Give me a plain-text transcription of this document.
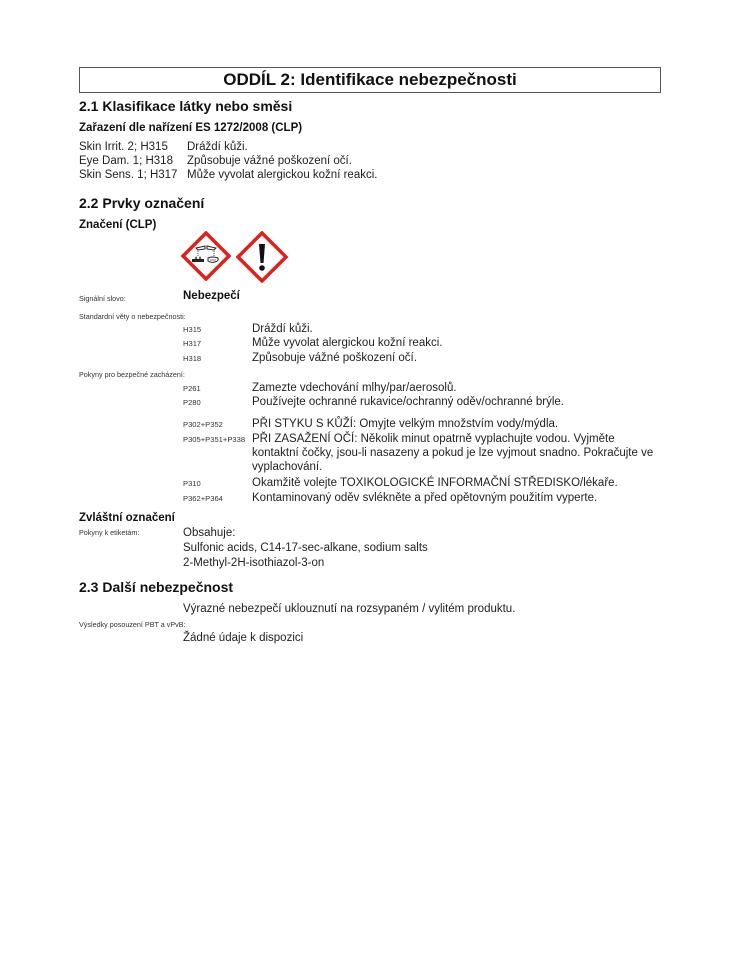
ODDÍL 2: Identifikace nebezpečnosti
2.1 Klasifikace látky nebo směsi
Zařazení dle nařízení ES 1272/2008 (CLP)
Skin Irrit. 2; H315 Dráždí kůži.
Eye Dam. 1; H318 Způsobuje vážné poškození očí.
Skin Sens. 1; H317 Může vyvolat alergickou kožní reakci.
2.2 Prvky označení
Značení (CLP)
Signální slovo:	Nebezpečí
Standardní věty o nebezpečnosti:
H315	Dráždí kůži.
H317	Může vyvolat alergickou kožní reakci.
H318	Způsobuje vážné poškození očí.
Pokyny pro bezpečné zacházení:
P261	Zamezte vdechování mlhy/par/aerosolů.
P280	Používejte ochranné rukavice/ochranný oděv/ochranné brýle.
P302+P352	PŘI STYKU S KŮŽÍ: Omyjte velkým množstvím vody/mýdla.
P305+P351+P338 PŘI ZASAŽENÍ OČÍ: Několik minut opatrně vyplachujte vodou. Vyjměte kontaktní čočky, jsou-li nasazeny a pokud je lze vyjmout snadno. Pokračujte ve vyplachování.
P310	Okamžitě volejte TOXIKOLOGICKÉ INFORMAČNÍ STŘEDISKO/lékaře.
P362+P364	Kontaminovaný oděv svlékněte a před opětovným použitím vyperte.
Zvláštní označení
Pokyny k etiketám:	Obsahuje:
Sulfonic acids, C14-17-sec-alkane, sodium salts
2-Methyl-2H-isothiazol-3-on
2.3 Další nebezpečnost
Výrazné nebezpečí uklouznutí na rozsypaném / vylitém produktu.
Výsledky posouzení PBT a vPvB:
Žádné údaje k dispozici
